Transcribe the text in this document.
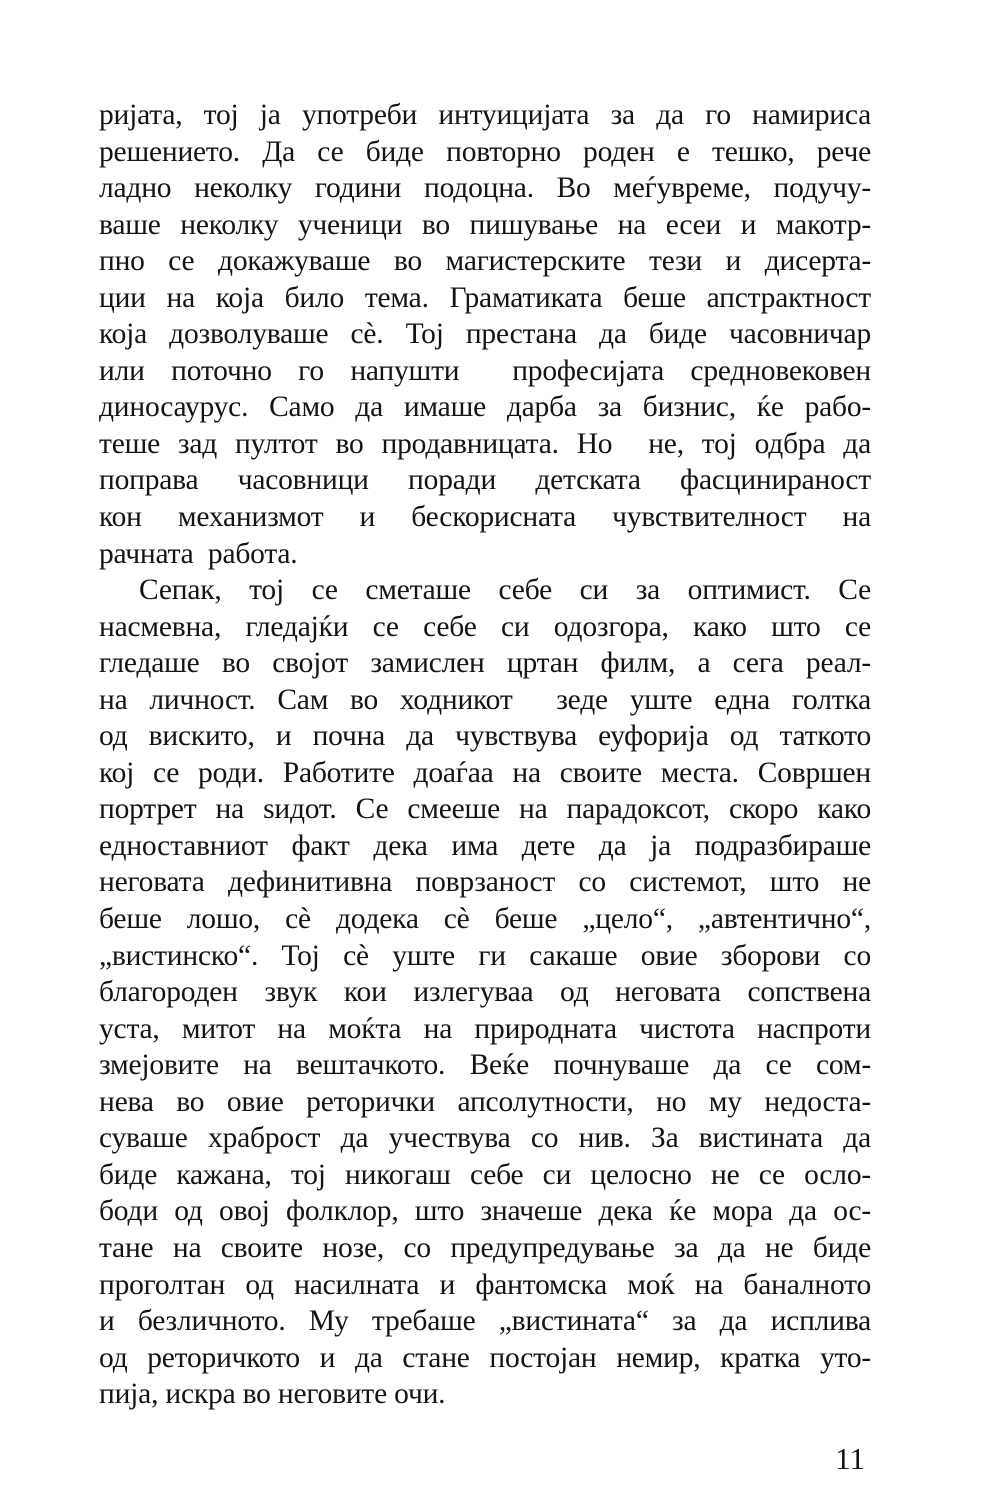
ријата, тој ја употреби интуицијата за да го намириса
решението. Да се биде повторно роден е тешко, рече
ладно неколку години подоцна. Во меѓувреме, подучу-
ваше неколку ученици во пишување на есеи и макотр-
пно се докажуваше во магистерските тези и дисерта-
ции на која било тема. Граматиката беше апстрактност
која дозволуваше сѐ. Тој престана да биде часовничар
или поточно го напушти  професијата средновековен
диносаурус. Само да имаше дарба за бизнис, ќе рабо-
теше зад пултот во продавницата. Но  не, тој одбра да
поправа часовници поради детската фасцинираност
кон механизмот и бескорисната чувствителност на
рачната  работа.
Сепак, тој се сметаше себе си за оптимист. Се
насмевна, гледајќи се себе си одозгора, како што се
гледаше во својот замислен цртан филм, а сега реал-
на личност. Сам во ходникот  зеде уште една голтка
од вискито, и почна да чувствува еуфорија од таткото
кој се роди. Работите доаѓаа на своите места. Совршен
портрет на ѕидот. Се смееше на парадоксот, скоро како
едноставниот факт дека има дете да ја подразбираше
неговата дефинитивна поврзаност со системот, што не
беше лошо, сѐ додека сѐ беше „цело“, „автентично“,
„вистинско“. Тој сѐ уште ги сакаше овие зборови со
благороден звук кои излегуваа од неговата сопствена
уста, митот на моќта на природната чистота наспроти
змејовите на вештачкото. Веќе почнуваше да се сом-
нева во овие реторички апсолутности, но му недоста-
суваше храброст да учествува со нив. За вистината да
биде кажана, тој никогаш себе си целосно не се осло-
боди од овој фолклор, што значеше дека ќе мора да ос-
тане на своите нозе, со предупредување за да не биде
проголтан од насилната и фантомска моќ на баналното
и безличното. Му требаше „вистината“ за да исплива
од реторичкото и да стане постојан немир, кратка уто-
пија, искра во неговите очи.
11
